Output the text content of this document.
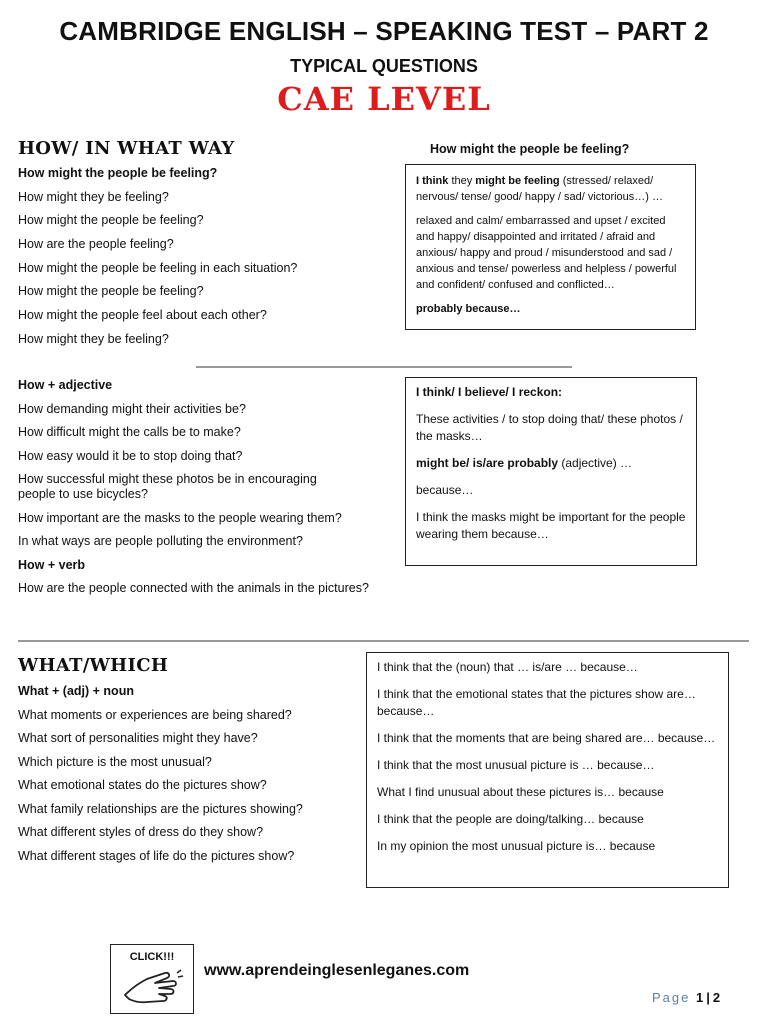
CAMBRIDGE ENGLISH – SPEAKING TEST – PART 2
TYPICAL QUESTIONS
CAE LEVEL
HOW/ IN WHAT WAY	How might the people be feeling?
How might the people be feeling?
How might they be feeling?
How might the people be feeling?
How are the people feeling?
How might the people be feeling in each situation?
How might the people be feeling?
How might the people feel about each other?
How might they be feeling?

I think they might be feeling (stressed/ relaxed/ nervous/ tense/ good/ happy / sad/ victorious…) …

relaxed and calm/ embarrassed and upset / excited and happy/ disappointed and irritated / afraid and anxious/ happy and proud / misunderstood and sad / anxious and tense/ powerless and helpless / powerful and confident/ confused and conflicted…

probably because…

How + adjective
How demanding might their activities be?
How difficult might the calls be to make?
How easy would it be to stop doing that?
How successful might these photos be in encouraging people to use bicycles?
How important are the masks to the people wearing them?
In what ways are people polluting the environment?
How + verb
How are the people connected with the animals in the pictures?

I think/ I believe/ I reckon:

These activities / to stop doing that/ these photos / the masks…

might be/ is/are probably (adjective) …

because…

I think the masks might be important for the people wearing them because…

WHAT/WHICH
What + (adj) + noun
What moments or experiences are being shared?
What sort of personalities might they have?
Which picture is the most unusual?
What emotional states do the pictures show?
What family relationships are the pictures showing?
What different styles of dress do they show?
What different stages of life do the pictures show?

I think that the (noun) that … is/are … because…

I think that the emotional states that the pictures show are… because…

I think that the moments that are being shared are… because…

I think that the most unusual picture is … because…

What I find unusual about these pictures is… because

I think that the people are doing/talking… because

In my opinion the most unusual picture is… because

CLICK!!!
www.aprendeinglesenleganes.com
Page 1 | 2
